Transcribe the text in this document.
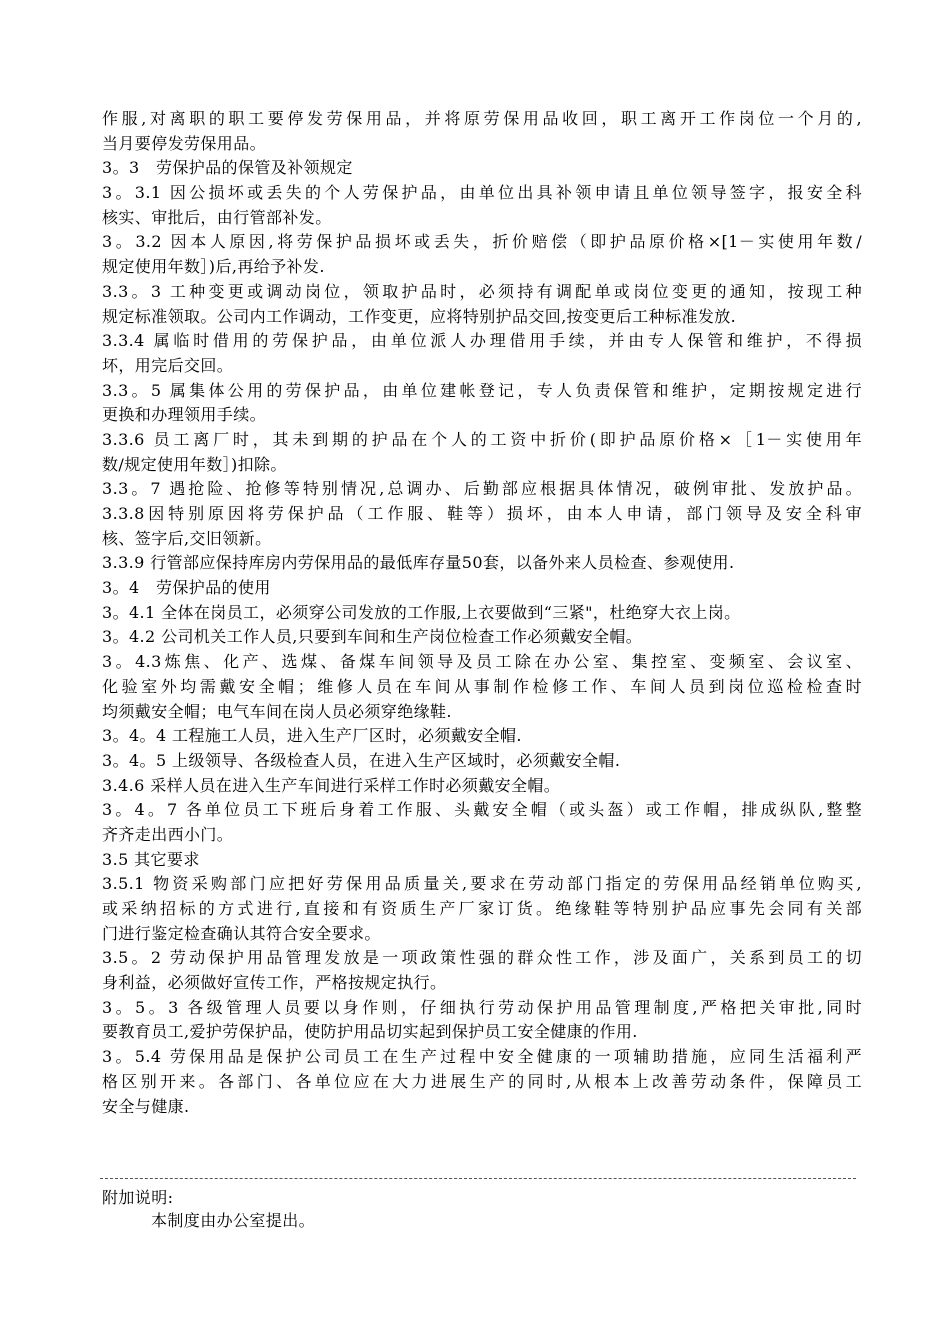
作服,对离职的职工要停发劳保用品，并将原劳保用品收回，职工离开工作岗位一个月的,
当月要停发劳保用品。
3。3　劳保护品的保管及补领规定
3。3.1 因公损坏或丢失的个人劳保护品，由单位出具补领申请且单位领导签字，报安全科
核实、审批后，由行管部补发。
3。3.2 因本人原因,将劳保护品损坏或丢失，折价赔偿（即护品原价格×[1－实使用年数/
规定使用年数］)后,再给予补发.
3.3。3 工种变更或调动岗位，领取护品时，必须持有调配单或岗位变更的通知，按现工种
规定标准领取。公司内工作调动，工作变更，应将特别护品交回,按变更后工种标准发放.
3.3.4 属临时借用的劳保护品，由单位派人办理借用手续，并由专人保管和维护，不得损
坏，用完后交回。
3.3。5 属集体公用的劳保护品，由单位建帐登记，专人负责保管和维护，定期按规定进行
更换和办理领用手续。
3.3.6 员工离厂时，其未到期的护品在个人的工资中折价(即护品原价格×［1－实使用年
数/规定使用年数］)扣除。
3.3。7 遇抢险、抢修等特别情况,总调办、后勤部应根据具体情况，破例审批、发放护品。
3.3.8因特别原因将劳保护品（工作服、鞋等）损坏，由本人申请，部门领导及安全科审
核、签字后,交旧领新。
3.3.9 行管部应保持库房内劳保用品的最低库存量50套，以备外来人员检查、参观使用.
3。4　劳保护品的使用
3。4.1 全体在岗员工，必须穿公司发放的工作服,上衣要做到“三紧"，杜绝穿大衣上岗。
3。4.2 公司机关工作人员,只要到车间和生产岗位检查工作必须戴安全帽。
3。4.3炼焦、化产、选煤、备煤车间领导及员工除在办公室、集控室、变频室、会议室、
化验室外均需戴安全帽；维修人员在车间从事制作检修工作、车间人员到岗位巡检检查时
均须戴安全帽；电气车间在岗人员必须穿绝缘鞋.
3。4。4 工程施工人员，进入生产厂区时，必须戴安全帽.
3。4。5 上级领导、各级检查人员，在进入生产区域时，必须戴安全帽.
3.4.6 采样人员在进入生产车间进行采样工作时必须戴安全帽。
3。4。7 各单位员工下班后身着工作服、头戴安全帽（或头盔）或工作帽，排成纵队,整整
齐齐走出西小门。
3.5 其它要求
3.5.1 物资采购部门应把好劳保用品质量关,要求在劳动部门指定的劳保用品经销单位购买,
或采纳招标的方式进行,直接和有资质生产厂家订货。绝缘鞋等特别护品应事先会同有关部
门进行鉴定检查确认其符合安全要求。
3.5。2 劳动保护用品管理发放是一项政策性强的群众性工作，涉及面广，关系到员工的切
身利益，必须做好宣传工作，严格按规定执行。
3。5。3 各级管理人员要以身作则，仔细执行劳动保护用品管理制度,严格把关审批,同时
要教育员工,爱护劳保护品，使防护用品切实起到保护员工安全健康的作用.
3。5.4 劳保用品是保护公司员工在生产过程中安全健康的一项辅助措施，应同生活福利严
格区别开来。各部门、各单位应在大力进展生产的同时,从根本上改善劳动条件，保障员工
安全与健康.
附加说明:
本制度由办公室提出。
